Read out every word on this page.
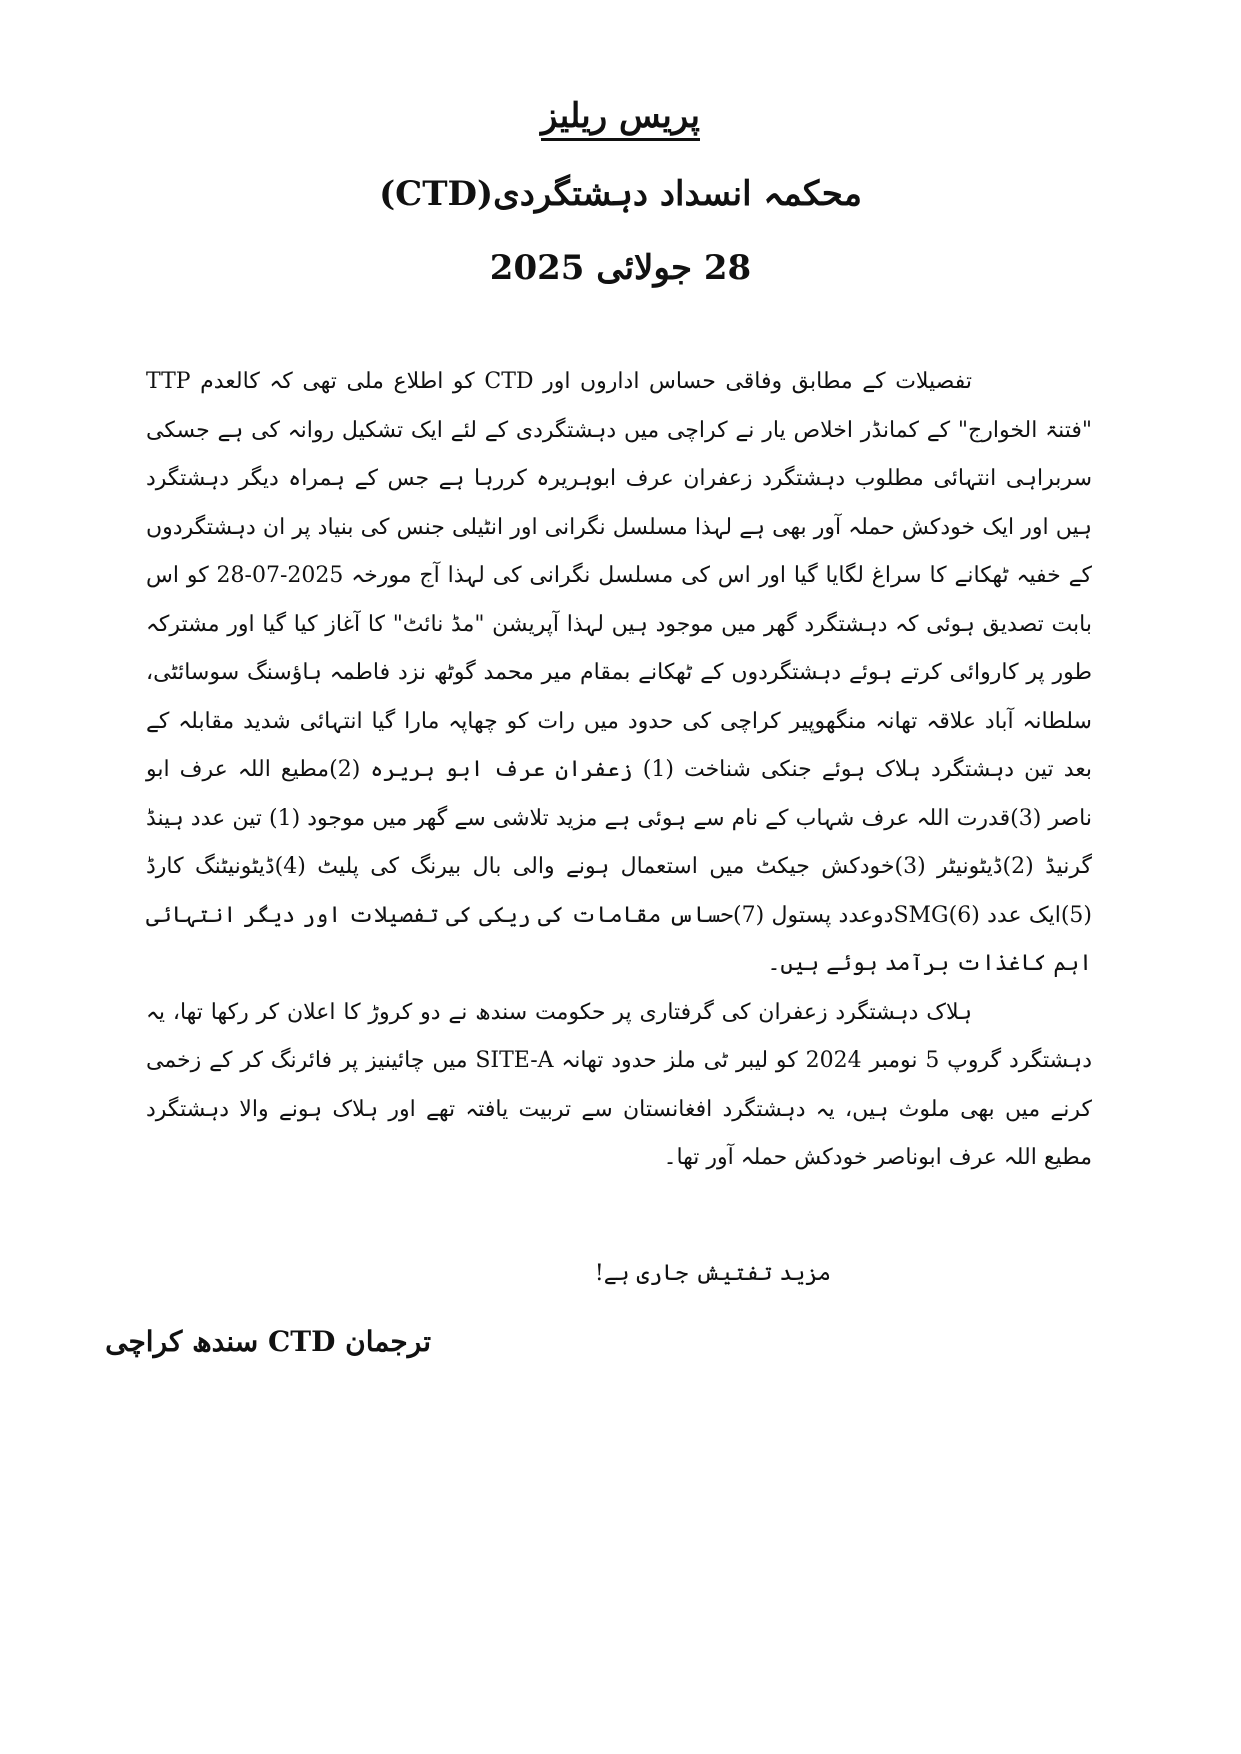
پریس ریلیز
محکمہ انسداد دہشتگردی(CTD)
28 جولائی 2025

تفصیلات کے مطابق وفاقی حساس اداروں اور CTD کو اطلاع ملی تھی کہ کالعدم TTP "فتنۃ الخوارج" کے کمانڈر اخلاص یار نے کراچی میں دہشتگردی کے لئے ایک تشکیل روانہ کی ہے جسکی سربراہی انتہائی مطلوب دہشتگرد زعفران عرف ابوہریرہ کررہا ہے جس کے ہمراہ دیگر دہشتگرد ہیں اور ایک خودکش حملہ آور بھی ہے لہذا مسلسل نگرانی اور انٹیلی جنس کی بنیاد پر ان دہشتگردوں کے خفیہ ٹھکانے کا سراغ لگایا گیا اور اس کی مسلسل نگرانی کی لہذا آج مورخہ 2025-07-28 کو اس بابت تصدیق ہوئی کہ دہشتگرد گھر میں موجود ہیں لہذا آپریشن "مڈ نائٹ" کا آغاز کیا گیا اور مشترکہ طور پر کاروائی کرتے ہوئے دہشتگردوں کے ٹھکانے بمقام میر محمد گوٹھ نزد فاطمہ ہاؤسنگ سوسائٹی، سلطانہ آباد علاقہ تھانہ منگھوپیر کراچی کی حدود میں رات کو چھاپہ مارا گیا انتہائی شدید مقابلہ کے بعد تین دہشتگرد ہلاک ہوئے جنکی شناخت (1) زعفران عرف ابو ہریرہ (2)مطیع اللہ عرف ابو ناصر (3)قدرت اللہ عرف شہاب کے نام سے ہوئی ہے مزید تلاشی سے گھر میں موجود (1) تین عدد ہینڈ گرنیڈ (2)ڈیٹونیٹر (3)خودکش جیکٹ میں استعمال ہونے والی بال بیرنگ کی پلیٹ (4)ڈیٹونیٹنگ کارڈ (5)ایک عدد SMG(6)دوعدد پستول (7)حساس مقامات کی ریکی کی تفصیلات اور دیگر انتہائی اہم کاغذات برآمد ہوئے ہیں۔

ہلاک دہشتگرد زعفران کی گرفتاری پر حکومت سندھ نے دو کروڑ کا اعلان کر رکھا تھا، یہ دہشتگرد گروپ 5 نومبر 2024 کو لیبر ٹی ملز حدود تھانہ SITE-A میں چائینیز پر فائرنگ کر کے زخمی کرنے میں بھی ملوث ہیں، یہ دہشتگرد افغانستان سے تربیت یافتہ تھے اور ہلاک ہونے والا دہشتگرد مطیع اللہ عرف ابوناصر خودکش حملہ آور تھا۔

مزید تفتیش جاری ہے!
ترجمان CTD سندھ کراچی
